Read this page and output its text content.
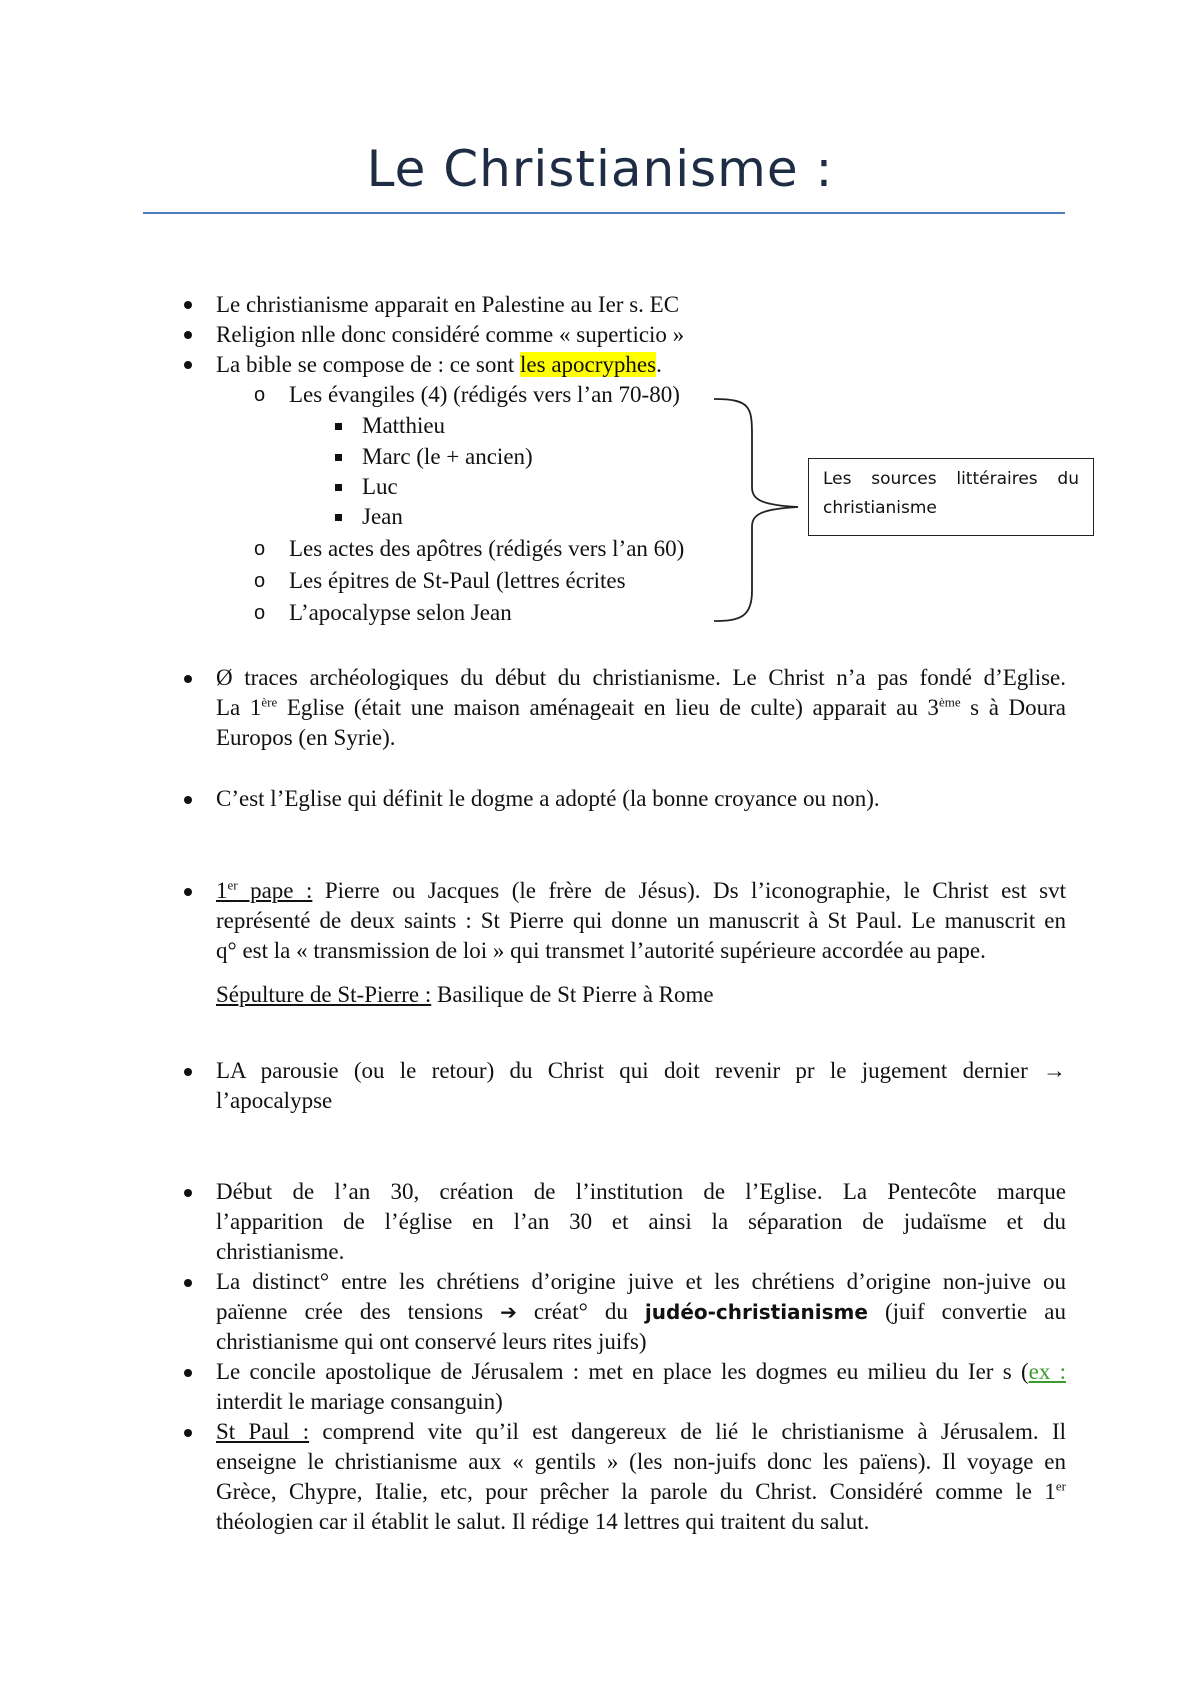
Le Christianisme :
Le christianisme apparait en Palestine au Ier s. EC
Religion nlle donc considéré comme « superticio »
La bible se compose de : ce sont les apocryphes.
o Les évangiles (4) (rédigés vers l’an 70-80)
Matthieu
Marc (le + ancien)
Luc
Jean
o Les actes des apôtres (rédigés vers l’an 60)
o Les épitres de St-Paul (lettres écrites
o L’apocalypse selon Jean
Les sources littéraires du
christianisme
Ø traces archéologiques du début du christianisme. Le Christ n’a pas fondé d’Eglise.
La 1ère Eglise (était une maison aménageait en lieu de culte) apparait au 3ème s à Doura
Europos (en Syrie).
C’est l’Eglise qui définit le dogme a adopté (la bonne croyance ou non).
1er pape : Pierre ou Jacques (le frère de Jésus). Ds l’iconographie, le Christ est svt
représenté de deux saints : St Pierre qui donne un manuscrit à St Paul. Le manuscrit en
q° est la « transmission de loi » qui transmet l’autorité supérieure accordée au pape.
Sépulture de St-Pierre : Basilique de St Pierre à Rome
LA parousie (ou le retour) du Christ qui doit revenir pr le jugement dernier →
l’apocalypse
Début de l’an 30, création de l’institution de l’Eglise. La Pentecôte marque
l’apparition de l’église en l’an 30 et ainsi la séparation de judaïsme et du
christianisme.
La distinct° entre les chrétiens d’origine juive et les chrétiens d’origine non-juive ou
païenne crée des tensions ➔ créat° du judéo-christianisme (juif convertie au
christianisme qui ont conservé leurs rites juifs)
Le concile apostolique de Jérusalem : met en place les dogmes eu milieu du Ier s (ex :
interdit le mariage consanguin)
St Paul : comprend vite qu’il est dangereux de lié le christianisme à Jérusalem. Il
enseigne le christianisme aux « gentils » (les non-juifs donc les païens). Il voyage en
Grèce, Chypre, Italie, etc, pour prêcher la parole du Christ. Considéré comme le 1er
théologien car il établit le salut. Il rédige 14 lettres qui traitent du salut.
